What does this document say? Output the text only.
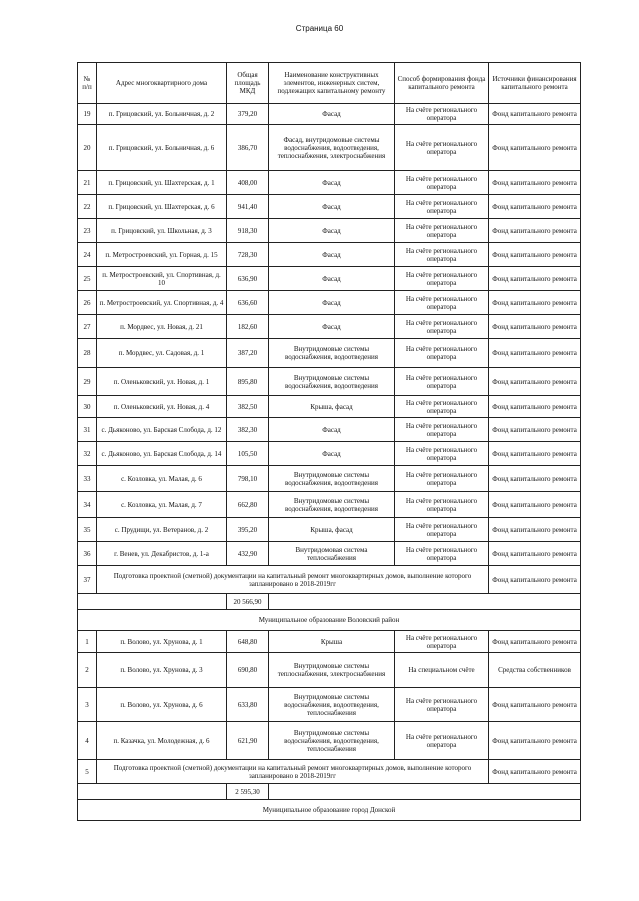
Страница 60
№ п/п	Адрес многоквартирного дома	Общая площадь МКД	Наименование конструктивных элементов, инженерных систем, подлежащих капитальному ремонту	Способ формирования фонда капитального ремонта	Источники финансирования капитального ремонта
19	п. Грицовский, ул. Больничная, д. 2	379,20	Фасад	На счёте регионального оператора	Фонд капитального ремонта
20	п. Грицовский, ул. Больничная, д. 6	386,70	Фасад, внутридомовые системы водоснабжения, водоотведения, теплоснабжения, электроснабжения	На счёте регионального оператора	Фонд капитального ремонта
21	п. Грицовский, ул. Шахтерская, д. 1	408,00	Фасад	На счёте регионального оператора	Фонд капитального ремонта
22	п. Грицовский, ул. Шахтерская, д. 6	941,40	Фасад	На счёте регионального оператора	Фонд капитального ремонта
23	п. Грицовский, ул. Школьная, д. 3	918,30	Фасад	На счёте регионального оператора	Фонд капитального ремонта
24	п. Метростроевский, ул. Горная, д. 15	728,30	Фасад	На счёте регионального оператора	Фонд капитального ремонта
25	п. Метростроевский, ул. Спортивная, д. 10	636,90	Фасад	На счёте регионального оператора	Фонд капитального ремонта
26	п. Метростроевский, ул. Спортивная, д. 4	636,60	Фасад	На счёте регионального оператора	Фонд капитального ремонта
27	п. Мордвес, ул. Новая, д. 21	182,60	Фасад	На счёте регионального оператора	Фонд капитального ремонта
28	п. Мордвес, ул. Садовая, д. 1	387,20	Внутридомовые системы водоснабжения, водоотведения	На счёте регионального оператора	Фонд капитального ремонта
29	п. Оленьковский, ул. Новая, д. 1	895,80	Внутридомовые системы водоснабжения, водоотведения	На счёте регионального оператора	Фонд капитального ремонта
30	п. Оленьковский, ул. Новая, д. 4	382,50	Крыша, фасад	На счёте регионального оператора	Фонд капитального ремонта
31	с. Дьяконово, ул. Барская Слобода, д. 12	382,30	Фасад	На счёте регионального оператора	Фонд капитального ремонта
32	с. Дьяконово, ул. Барская Слобода, д. 14	105,50	Фасад	На счёте регионального оператора	Фонд капитального ремонта
33	с. Козловка, ул. Малая, д. 6	798,10	Внутридомовые системы водоснабжения, водоотведения	На счёте регионального оператора	Фонд капитального ремонта
34	с. Козловка, ул. Малая, д. 7	662,80	Внутридомовые системы водоснабжения, водоотведения	На счёте регионального оператора	Фонд капитального ремонта
35	с. Прудищи, ул. Ветеранов, д. 2	395,20	Крыша, фасад	На счёте регионального оператора	Фонд капитального ремонта
36	г. Венев, ул. Декабристов, д. 1-а	432,90	Внутридомовая система теплоснабжения	На счёте регионального оператора	Фонд капитального ремонта
37	Подготовка проектной (сметной) документации на капитальный ремонт многоквартирных домов, выполнение которого запланировано в 2018-2019гг				Фонд капитального ремонта
		20 566,90			
Муниципальное образование Воловский район					
1	п. Волово, ул. Хрунова, д. 1	648,80	Крыша	На счёте регионального оператора	Фонд капитального ремонта
2	п. Волово, ул. Хрунова, д. 3	690,80	Внутридомовые системы теплоснабжения, электроснабжения	На специальном счёте	Средства собственников
3	п. Волово, ул. Хрунова, д. 6	633,80	Внутридомовые системы водоснабжения, водоотведения, теплоснабжения	На счёте регионального оператора	Фонд капитального ремонта
4	п. Казачка, ул. Молодежная, д. 6	621,90	Внутридомовые системы водоснабжения, водоотведения, теплоснабжения	На счёте регионального оператора	Фонд капитального ремонта
5	Подготовка проектной (сметной) документации на капитальный ремонт многоквартирных домов, выполнение которого запланировано в 2018-2019гг				Фонд капитального ремонта
		2 595,30			
Муниципальное образование город Донской					
